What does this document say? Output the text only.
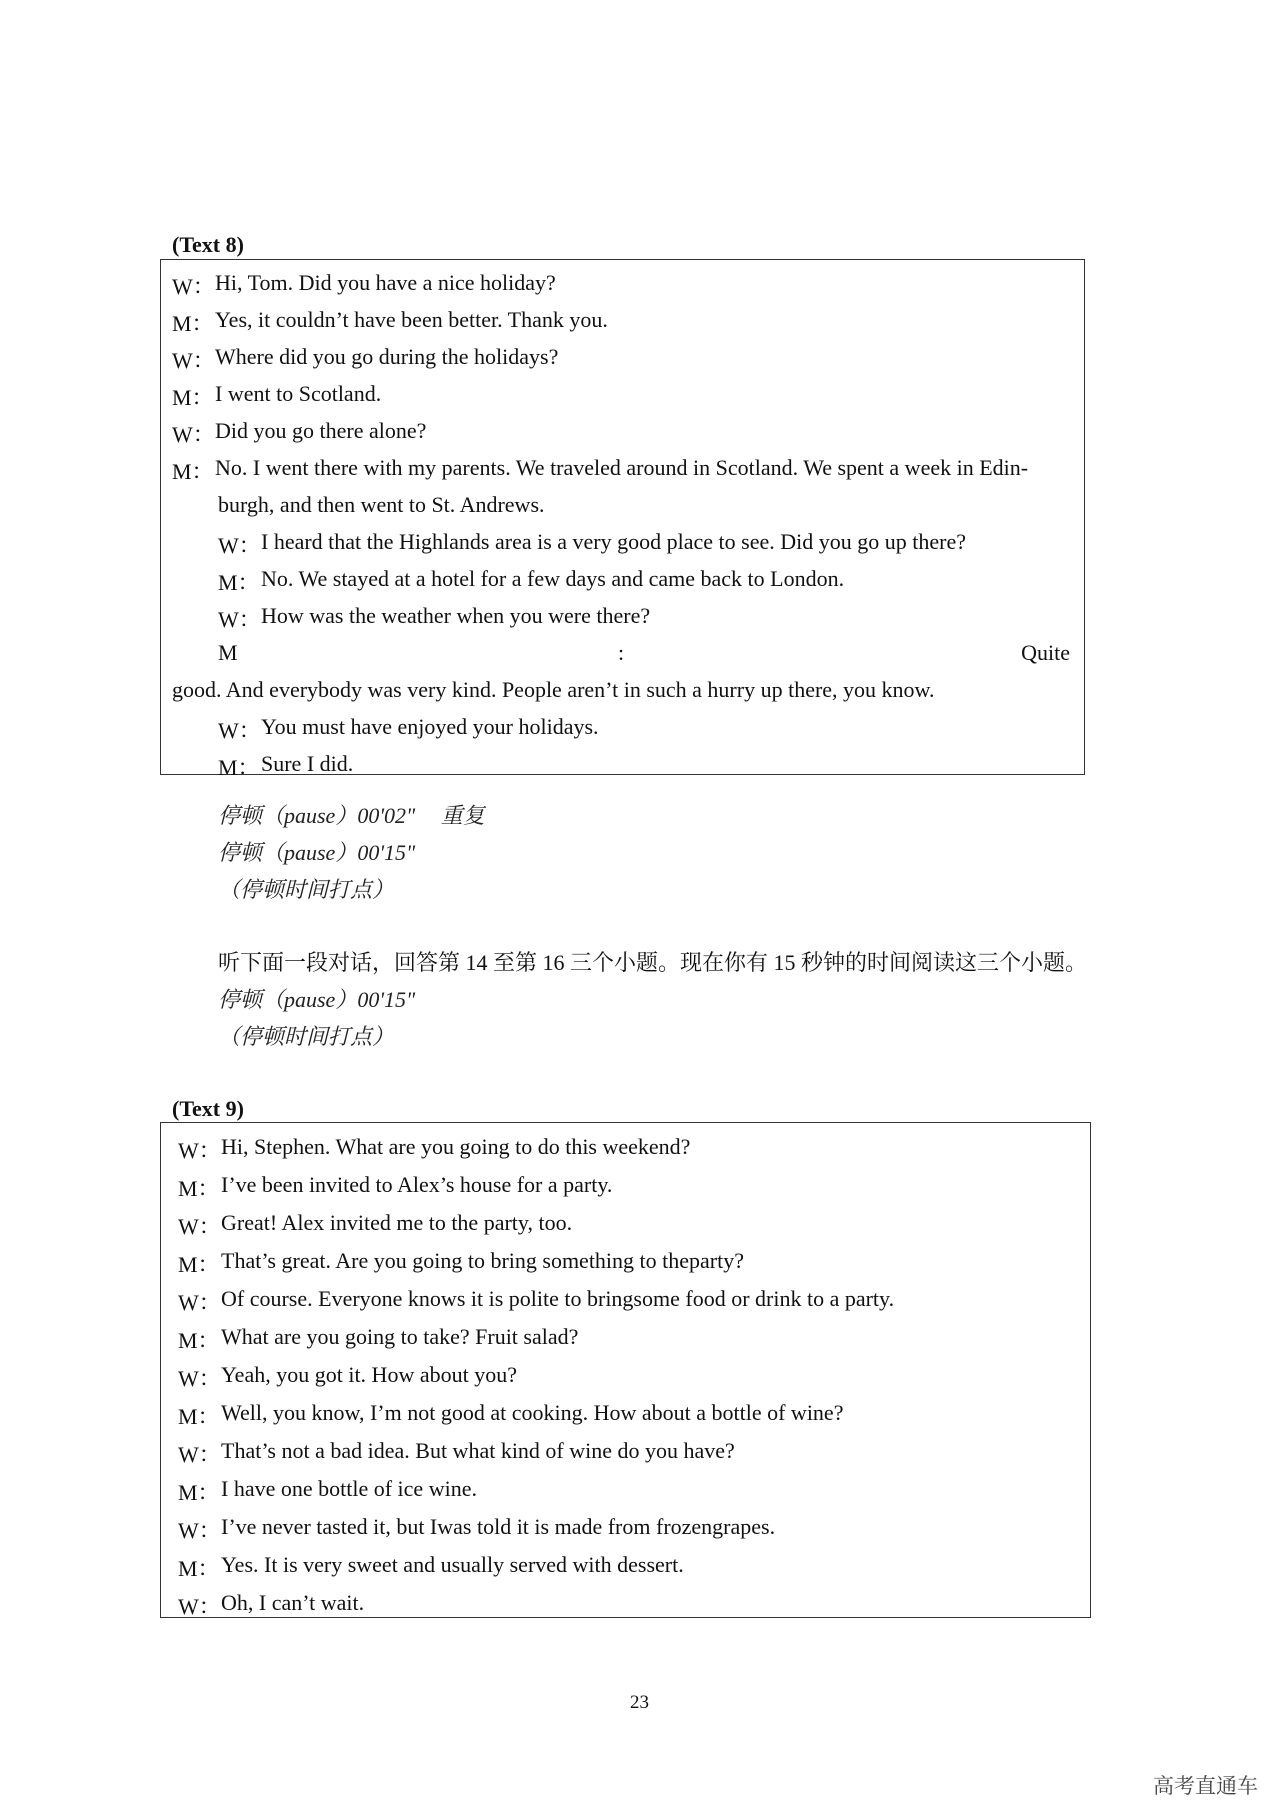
(Text 8)
W： Hi, Tom. Did you have a nice holiday?
M： Yes, it couldn’t have been better. Thank you.
W： Where did you go during the holidays?
M： I went to Scotland.
W： Did you go there alone?
M： No. I went there with my parents. We traveled around in Scotland. We spent a week in Edin-
burgh, and then went to St. Andrews.
W： I heard that the Highlands area is a very good place to see. Did you go up there?
M： No. We stayed at a hotel for a few days and came back to London.
W： How was the weather when you were there?
M	:	Quite
good. And everybody was very kind. People aren’t in such a hurry up there, you know.
W： You must have enjoyed your holidays.
M： Sure I did.
停顿（pause）00'02" 重复
停顿（pause）00'15"
（停顿时间打点）
听下面一段对话，回答第 14 至第 16 三个小题。现在你有 15 秒钟的时间阅读这三个小题。
停顿（pause）00'15"
（停顿时间打点）
(Text 9)
W： Hi, Stephen. What are you going to do this weekend?
M： I’ve been invited to Alex’s house for a party.
W： Great! Alex invited me to the party, too.
M： That’s great. Are you going to bring something to theparty?
W： Of course. Everyone knows it is polite to bringsome food or drink to a party.
M： What are you going to take? Fruit salad?
W： Yeah, you got it. How about you?
M： Well, you know, I’m not good at cooking. How about a bottle of wine?
W： That’s not a bad idea. But what kind of wine do you have?
M： I have one bottle of ice wine.
W： I’ve never tasted it, but Iwas told it is made from frozengrapes.
M： Yes. It is very sweet and usually served with dessert.
W： Oh, I can’t wait.
23
高考直通车
